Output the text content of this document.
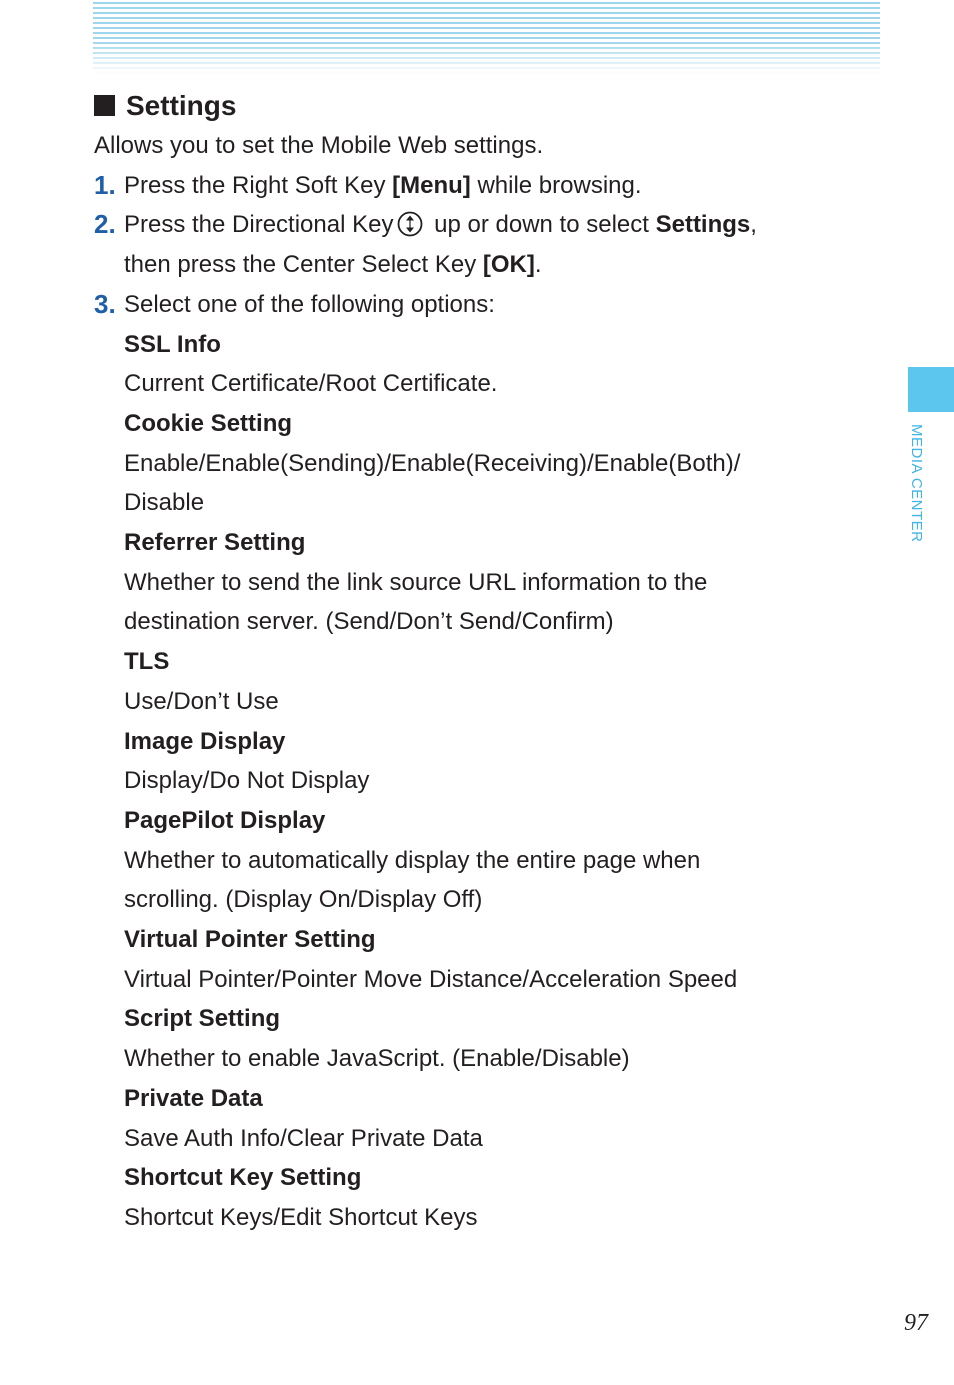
Settings
Allows you to set the Mobile Web settings.
1. Press the Right Soft Key [Menu] while browsing.
2. Press the Directional Key up or down to select Settings,
then press the Center Select Key [OK].
3. Select one of the following options:
SSL Info
Current Certificate/Root Certificate.
Cookie Setting
Enable/Enable(Sending)/Enable(Receiving)/Enable(Both)/
Disable
Referrer Setting
Whether to send the link source URL information to the
destination server. (Send/Don’t Send/Confirm)
TLS
Use/Don’t Use
Image Display
Display/Do Not Display
PagePilot Display
Whether to automatically display the entire page when
scrolling. (Display On/Display Off)
Virtual Pointer Setting
Virtual Pointer/Pointer Move Distance/Acceleration Speed
Script Setting
Whether to enable JavaScript. (Enable/Disable)
Private Data
Save Auth Info/Clear Private Data
Shortcut Key Setting
Shortcut Keys/Edit Shortcut Keys
MEDIA CENTER
97
